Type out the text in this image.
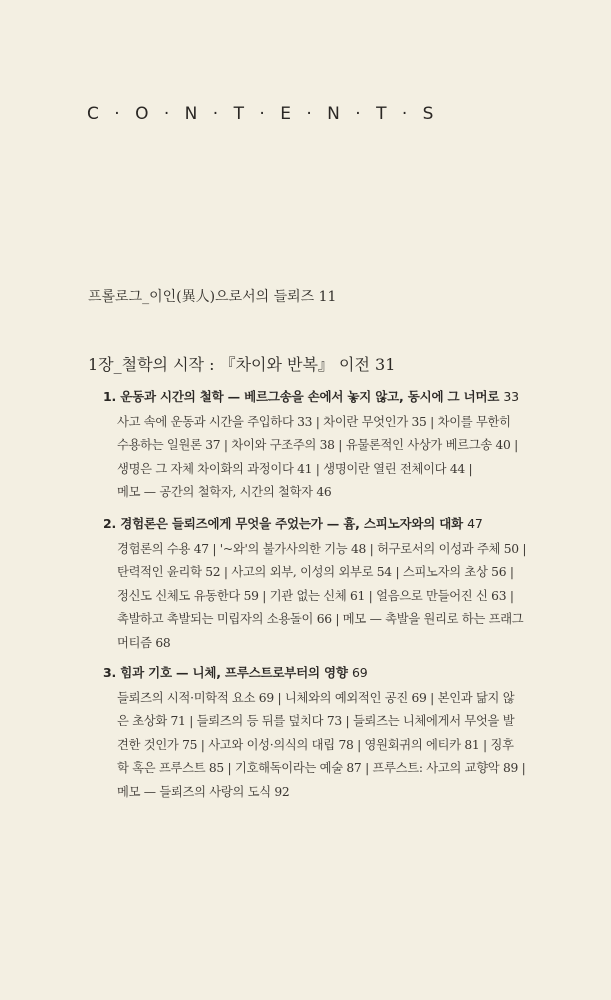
C · O · N · T · E · N · T · S
프롤로그_이인(異人)으로서의 들뢰즈 11
1장_철학의 시작 : 『차이와 반복』 이전 31
1. 운동과 시간의 철학 — 베르그송을 손에서 놓지 않고, 동시에 그 너머로 33
사고 속에 운동과 시간을 주입하다 33 | 차이란 무엇인가 35 | 차이를 무한히
수용하는 일원론 37 | 차이와 구조주의 38 | 유물론적인 사상가 베르그송 40 |
생명은 그 자체 차이화의 과정이다 41 | 생명이란 열린 전체이다 44 |
메모 — 공간의 철학자, 시간의 철학자 46
2. 경험론은 들뢰즈에게 무엇을 주었는가 — 흄, 스피노자와의 대화 47
경험론의 수용 47 | '~와'의 불가사의한 기능 48 | 허구로서의 이성과 주체 50 |
탄력적인 윤리학 52 | 사고의 외부, 이성의 외부로 54 | 스피노자의 초상 56 |
정신도 신체도 유동한다 59 | 기관 없는 신체 61 | 얼음으로 만들어진 신 63 |
촉발하고 촉발되는 미립자의 소용돌이 66 | 메모 — 촉발을 원리로 하는 프래그
머티즘 68
3. 힘과 기호 — 니체, 프루스트로부터의 영향 69
들뢰즈의 시적·미학적 요소 69 | 니체와의 예외적인 공진 69 | 본인과 닮지 않
은 초상화 71 | 들뢰즈의 등 뒤를 덮치다 73 | 들뢰즈는 니체에게서 무엇을 발
견한 것인가 75 | 사고와 이성·의식의 대립 78 | 영원회귀의 에티카 81 | 징후
학 혹은 프루스트 85 | 기호해독이라는 예술 87 | 프루스트: 사고의 교향악 89 |
메모 — 들뢰즈의 사랑의 도식 92
